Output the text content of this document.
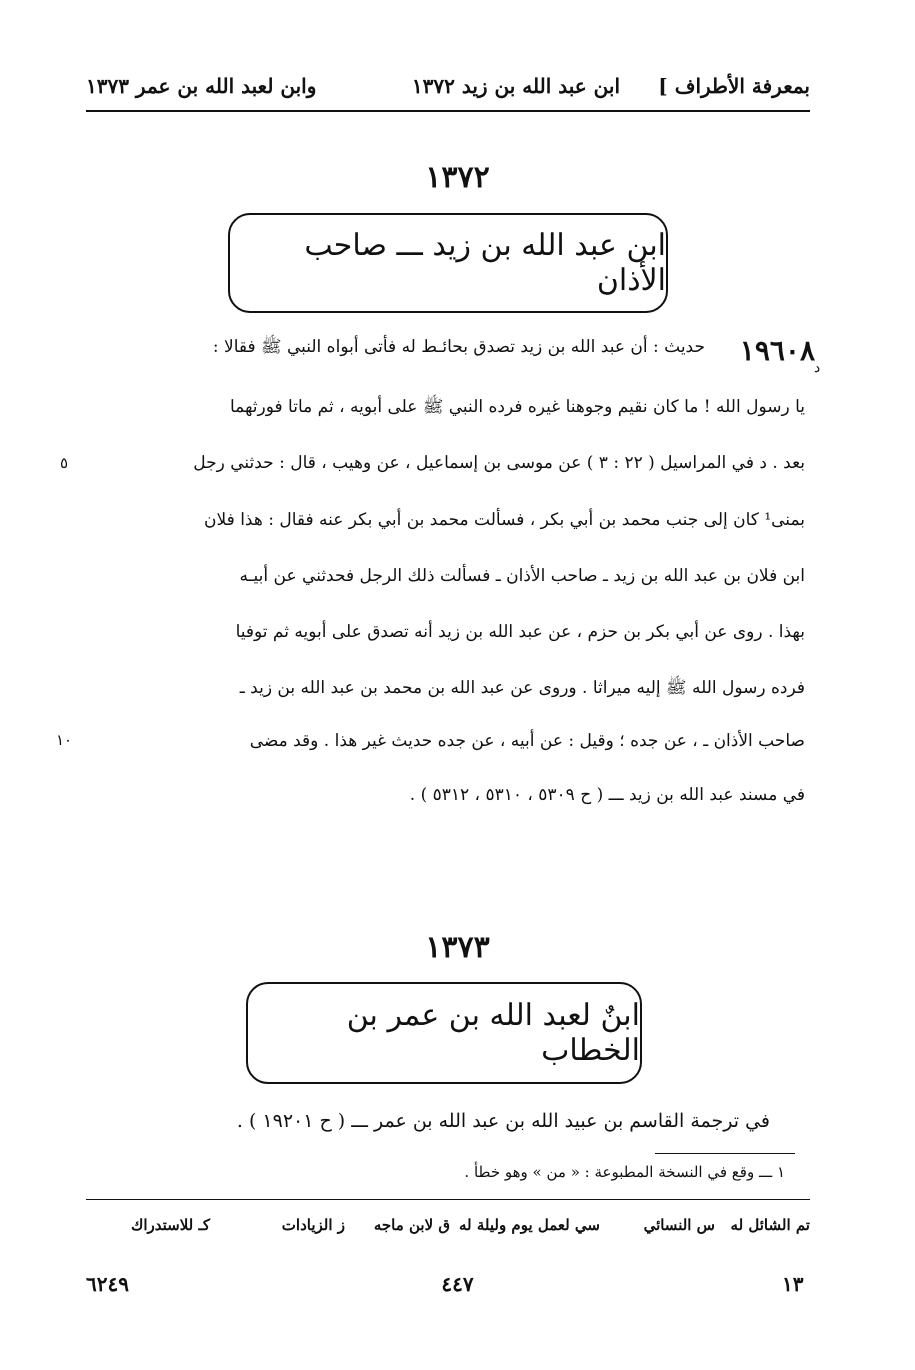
بمعرفة الأطراف ]
ابن عبد الله بن زيد ١٣٧٢
وابن لعبد الله بن عمر ١٣٧٣
١٣٧٢
ابن عبد الله بن زيد ـــ صاحب الأذان
١٩٦٠٨
د
حديث : أن عبد الله بن زيد تصدق بحائـط له فأتى أبواه النبي ﷺ فقالا :
يا رسول الله ! ما كان نقيم وجوهنا غيره فرده النبي ﷺ على أبويه ، ثم ماتا فورثهما
بعد . د في المراسيل ( ٢٢ : ٣ ) عن موسى بن إسماعيل ، عن وهيب ، قال : حدثني رجل
بمنى¹ كان إلى جنب محمد بن أبي بكر ، فسألت محمد بن أبي بكر عنه فقال : هذا فلان
ابن فلان بن عبد الله بن زيد ـ صاحب الأذان ـ فسألت ذلك الرجل فحدثني عن أبيـه
بهذا . روى عن أبي بكر بن حزم ، عن عبد الله بن زيد أنه تصدق على أبويه ثم توفيا
فرده رسول الله ﷺ إليه ميراثا . وروى عن عبد الله بن محمد بن عبد الله بن زيد ـ
صاحب الأذان ـ ، عن جده ؛ وقيل : عن أبيه ، عن جده حديث غير هذا . وقد مضى
في مسند عبد الله بن زيد ـــ ( ح ٥٣٠٩ ، ٥٣١٠ ، ٥٣١٢ ) .
٥
١٠
١٣٧٣
ابنٌ لعبد الله بن عمر بن الخطاب
في ترجمة القاسم بن عبيد الله بن عبد الله بن عمر ـــ ( ح ١٩٢٠١ ) .
١ ـــ وقع في النسخة المطبوعة : « من » وهو خطأ .
تم الشائل له
س النسائي
سي لعمل يوم وليلة له
ق لابن ماجه
ز الزيادات
كـ للاستدراك
١٣
٤٤٧
٦٢٤٩
